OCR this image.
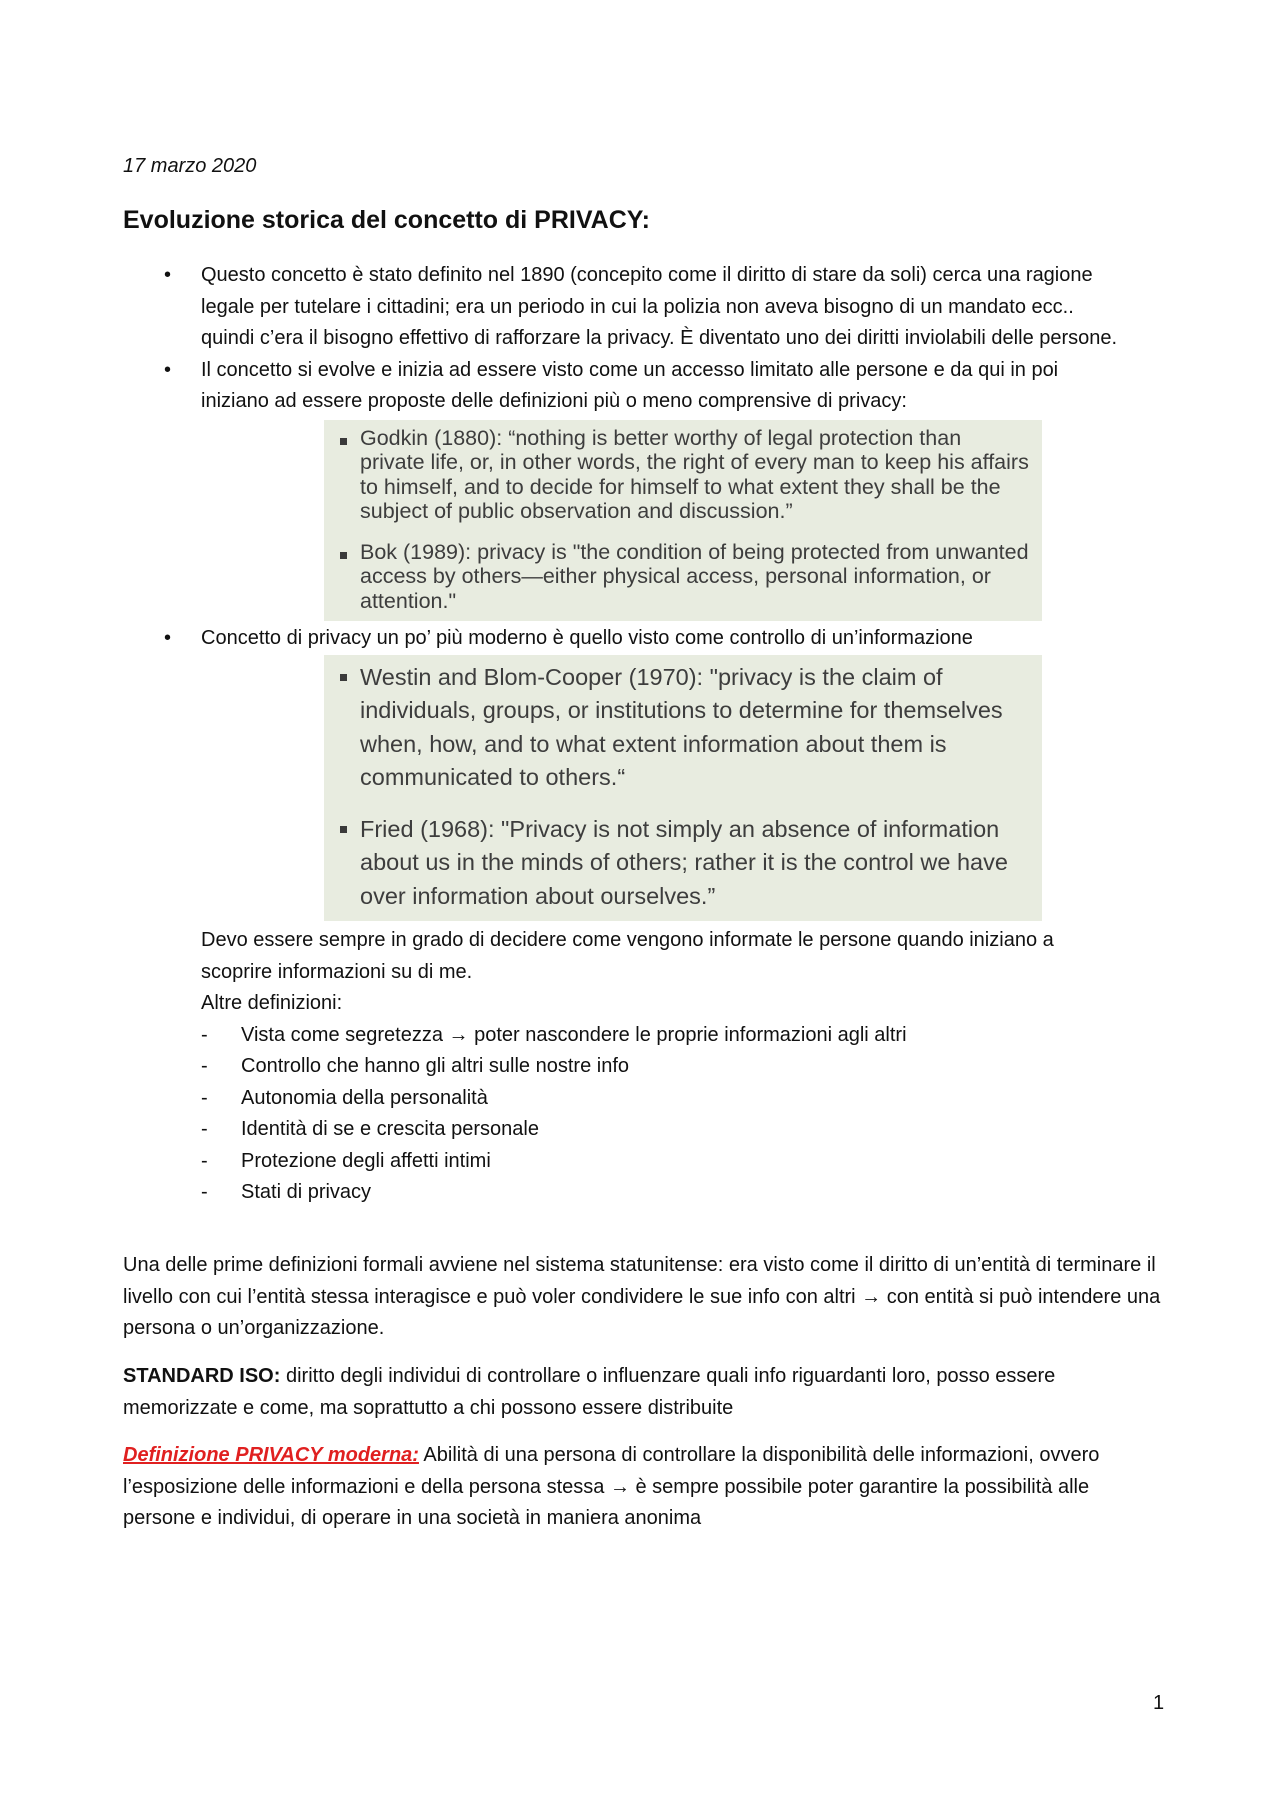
17 marzo 2020
Evoluzione storica del concetto di PRIVACY:
• Questo concetto è stato definito nel 1890 (concepito come il diritto di stare da soli) cerca una ragione legale per tutelare i cittadini; era un periodo in cui la polizia non aveva bisogno di un mandato ecc.. quindi c’era il bisogno effettivo di rafforzare la privacy. È diventato uno dei diritti inviolabili delle persone.
• Il concetto si evolve e inizia ad essere visto come un accesso limitato alle persone e da qui in poi iniziano ad essere proposte delle definizioni più o meno comprensive di privacy:
Godkin (1880): “nothing is better worthy of legal protection than private life, or, in other words, the right of every man to keep his affairs to himself, and to decide for himself to what extent they shall be the subject of public observation and discussion.”
Bok (1989): privacy is "the condition of being protected from unwanted access by others—either physical access, personal information, or attention."
• Concetto di privacy un po’ più moderno è quello visto come controllo di un’informazione
Westin and Blom-Cooper (1970): "privacy is the claim of individuals, groups, or institutions to determine for themselves when, how, and to what extent information about them is communicated to others.“
Fried (1968): "Privacy is not simply an absence of information about us in the minds of others; rather it is the control we have over information about ourselves.”
Devo essere sempre in grado di decidere come vengono informate le persone quando iniziano a scoprire informazioni su di me.
Altre definizioni:
- Vista come segretezza → poter nascondere le proprie informazioni agli altri
- Controllo che hanno gli altri sulle nostre info
- Autonomia della personalità
- Identità di se e crescita personale
- Protezione degli affetti intimi
- Stati di privacy
Una delle prime definizioni formali avviene nel sistema statunitense: era visto come il diritto di un’entità di terminare il livello con cui l’entità stessa interagisce e può voler condividere le sue info con altri → con entità si può intendere una persona o un’organizzazione.
STANDARD ISO: diritto degli individui di controllare o influenzare quali info riguardanti loro, posso essere memorizzate e come, ma soprattutto a chi possono essere distribuite
Definizione PRIVACY moderna: Abilità di una persona di controllare la disponibilità delle informazioni, ovvero l’esposizione delle informazioni e della persona stessa → è sempre possibile poter garantire la possibilità alle persone e individui, di operare in una società in maniera anonima
1
